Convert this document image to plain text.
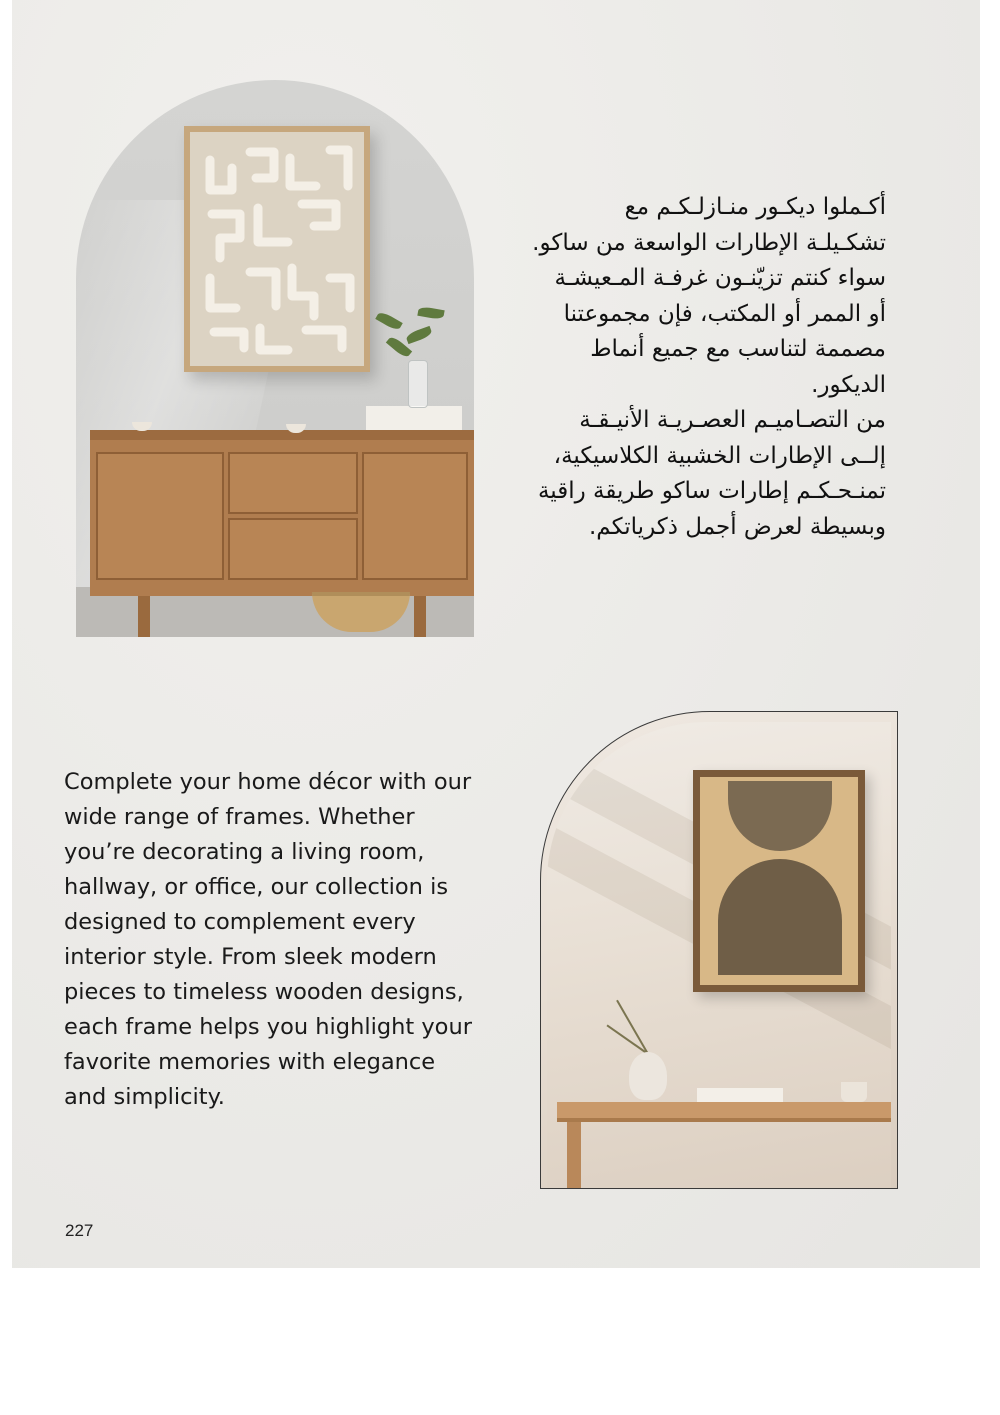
أكـملوا ديكـور منـازلـكـم مع
تشكـيلـة الإطارات الواسعة من ساكو.
سواء كنتم تزيّنـون غرفـة المـعيشـة
أو الممر أو المكتب، فإن مجموعتنا
مصممة لتناسب مع جميع أنماط
الديكور.
من التصـاميـم العصـريـة الأنيـقـة
إلــى الإطارات الخشبية الكلاسيكية،
تمنـحـكـم إطارات ساكو طريقة راقية
وبسيطة لعرض أجمل ذكرياتكم.
Complete your home décor with our
wide range of frames. Whether
you’re decorating a living room,
hallway, or office, our collection is
designed to complement every
interior style. From sleek modern
pieces to timeless wooden designs,
each frame helps you highlight your
favorite memories with elegance
and simplicity.
227
